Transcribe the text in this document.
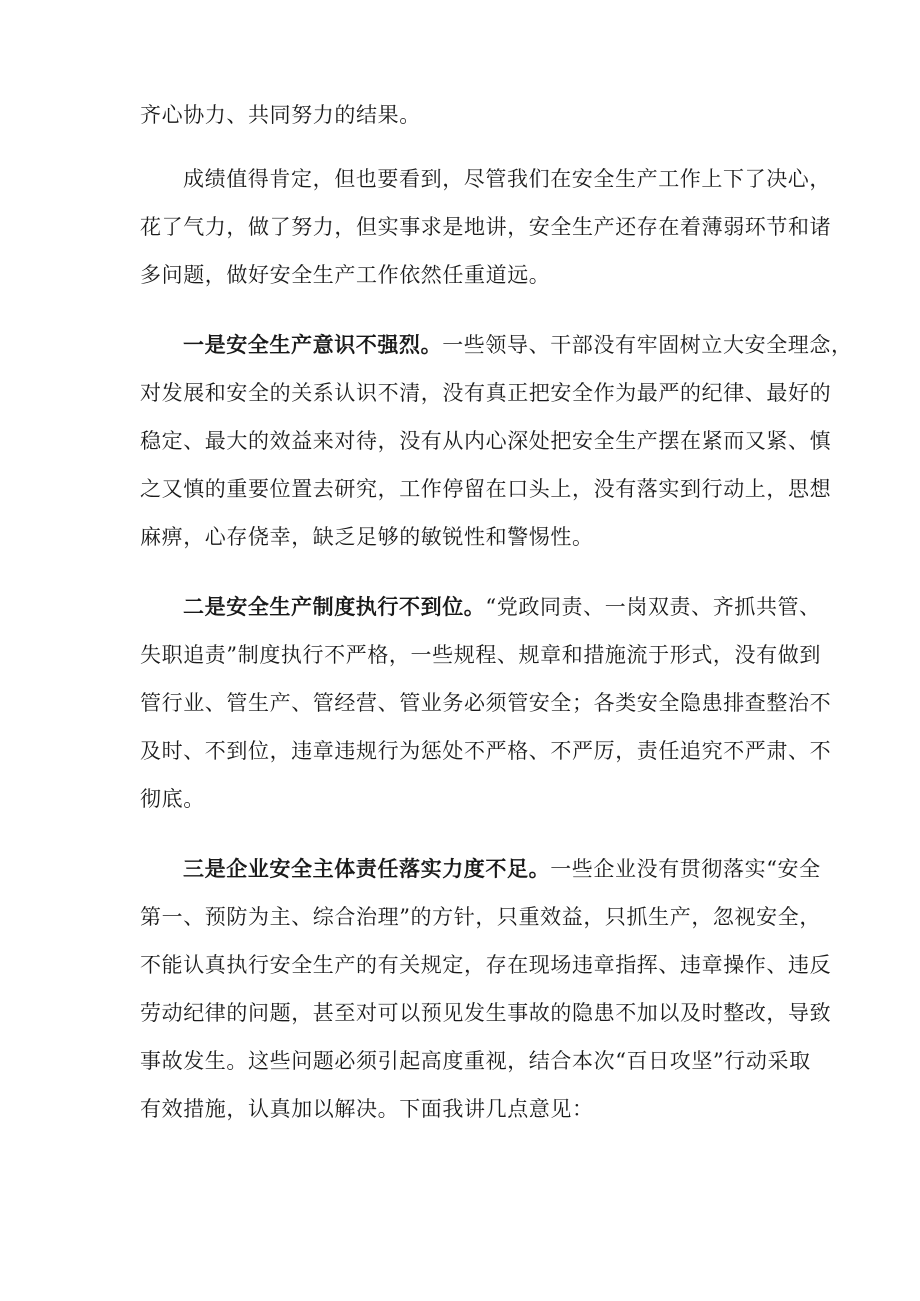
齐心协力、共同努力的结果。
成绩值得肯定，但也要看到，尽管我们在安全生产工作上下了决心，
花了气力，做了努力，但实事求是地讲，安全生产还存在着薄弱环节和诸
多问题，做好安全生产工作依然任重道远。
一是安全生产意识不强烈。一些领导、干部没有牢固树立大安全理念，
对发展和安全的关系认识不清，没有真正把安全作为最严的纪律、最好的
稳定、最大的效益来对待，没有从内心深处把安全生产摆在紧而又紧、慎
之又慎的重要位置去研究，工作停留在口头上，没有落实到行动上，思想
麻痹，心存侥幸，缺乏足够的敏锐性和警惕性。
二是安全生产制度执行不到位。“党政同责、一岗双责、齐抓共管、
失职追责”制度执行不严格，一些规程、规章和措施流于形式，没有做到
管行业、管生产、管经营、管业务必须管安全；各类安全隐患排查整治不
及时、不到位，违章违规行为惩处不严格、不严厉，责任追究不严肃、不
彻底。
三是企业安全主体责任落实力度不足。一些企业没有贯彻落实“安全
第一、预防为主、综合治理”的方针，只重效益，只抓生产，忽视安全，
不能认真执行安全生产的有关规定，存在现场违章指挥、违章操作、违反
劳动纪律的问题，甚至对可以预见发生事故的隐患不加以及时整改，导致
事故发生。这些问题必须引起高度重视，结合本次“百日攻坚”行动采取
有效措施，认真加以解决。下面我讲几点意见：
